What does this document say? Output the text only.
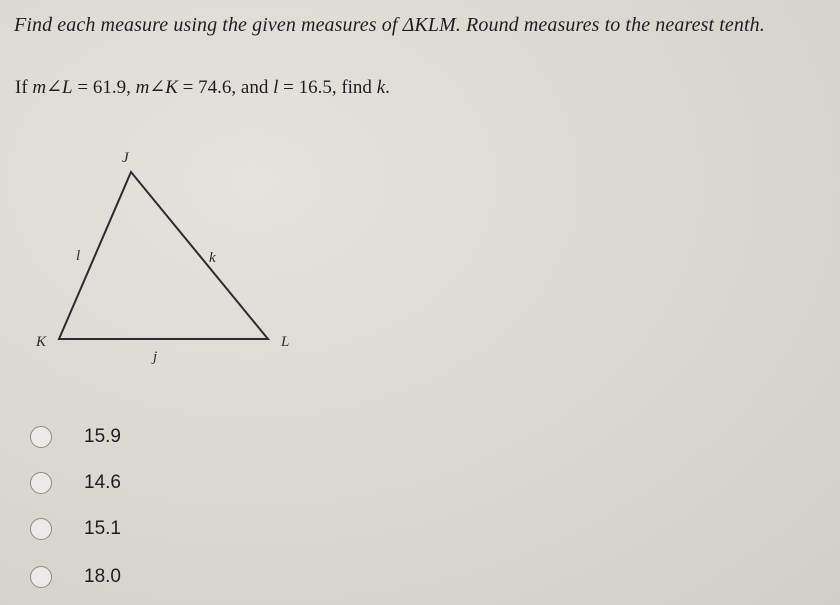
Find each measure using the given measures of ΔKLM. Round measures to the nearest tenth.
If m∠L = 61.9, m∠K = 74.6, and l = 16.5, find k.
J
K	L
l	k
j
15.9
14.6
15.1
18.0
